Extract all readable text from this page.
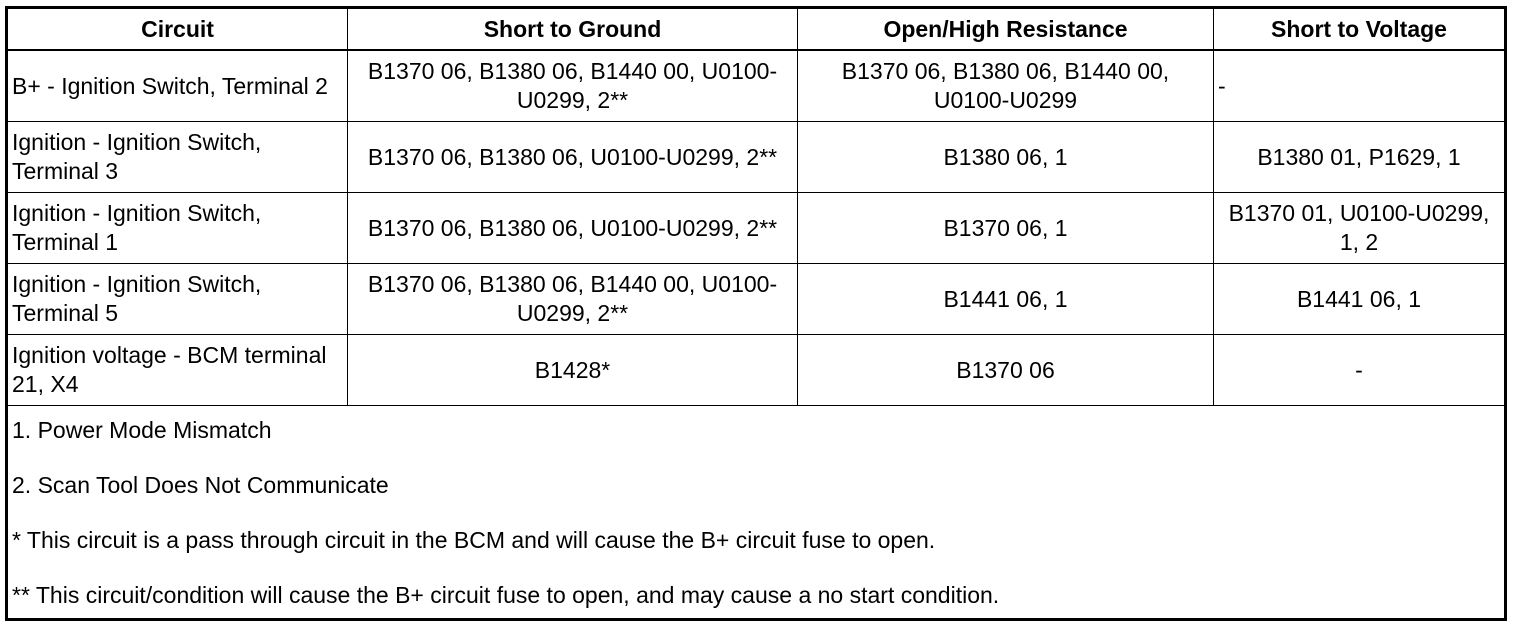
Circuit	Short to Ground	Open/High Resistance	Short to Voltage
B+ - Ignition Switch, Terminal 2	B1370 06, B1380 06, B1440 00, U0100-U0299, 2**	B1370 06, B1380 06, B1440 00, U0100-U0299	-
Ignition - Ignition Switch, Terminal 3	B1370 06, B1380 06, U0100-U0299, 2**	B1380 06, 1	B1380 01, P1629, 1
Ignition - Ignition Switch, Terminal 1	B1370 06, B1380 06, U0100-U0299, 2**	B1370 06, 1	B1370 01, U0100-U0299, 1, 2
Ignition - Ignition Switch, Terminal 5	B1370 06, B1380 06, B1440 00, U0100-U0299, 2**	B1441 06, 1	B1441 06, 1
Ignition voltage - BCM terminal 21, X4	B1428*	B1370 06	-

1. Power Mode Mismatch
2. Scan Tool Does Not Communicate
* This circuit is a pass through circuit in the BCM and will cause the B+ circuit fuse to open.
** This circuit/condition will cause the B+ circuit fuse to open, and may cause a no start condition.			
